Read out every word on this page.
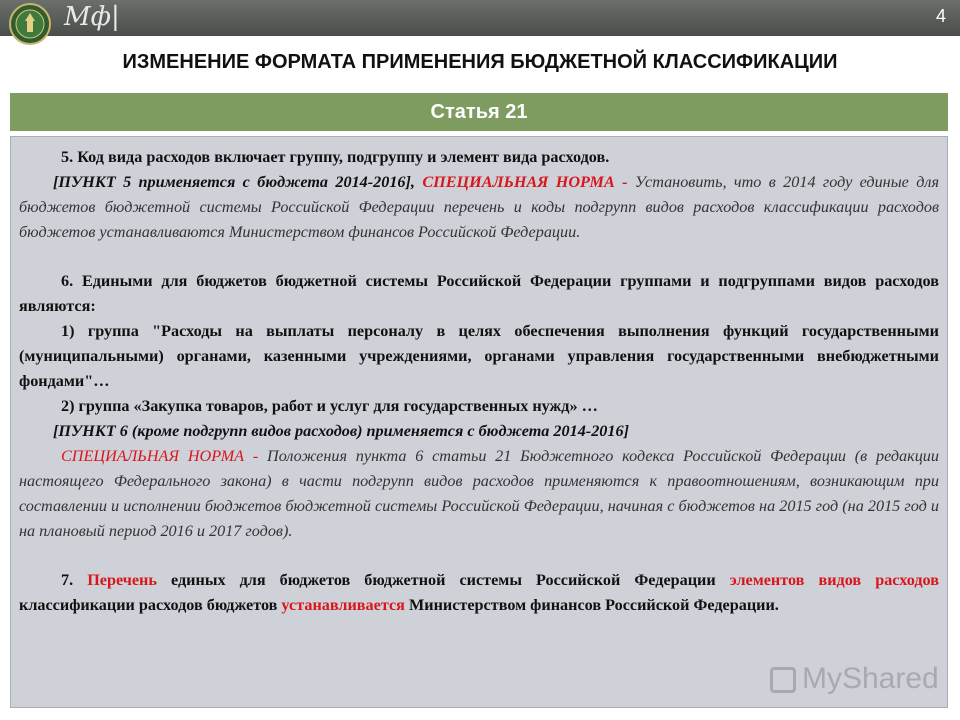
Мф|	4
ИЗМЕНЕНИЕ ФОРМАТА ПРИМЕНЕНИЯ БЮДЖЕТНОЙ КЛАССИФИКАЦИИ
Статья 21

5. Код вида расходов включает группу, подгруппу и элемент вида расходов.

[ПУНКТ 5 применяется с бюджета 2014-2016], СПЕЦИАЛЬНАЯ НОРМА - Установить, что в 2014 году единые для бюджетов бюджетной системы Российской Федерации перечень и коды подгрупп видов расходов классификации расходов бюджетов устанавливаются Министерством финансов Российской Федерации.

6. Едиными для бюджетов бюджетной системы Российской Федерации группами и подгруппами видов расходов являются:

1) группа "Расходы на выплаты персоналу в целях обеспечения выполнения функций государственными (муниципальными) органами, казенными учреждениями, органами управления государственными внебюджетными фондами"…

2) группа «Закупка товаров, работ и услуг для государственных нужд» …

[ПУНКТ 6 (кроме подгрупп видов расходов) применяется с бюджета 2014-2016]

СПЕЦИАЛЬНАЯ НОРМА - Положения пункта 6 статьи 21 Бюджетного кодекса Российской Федерации (в редакции настоящего Федерального закона) в части подгрупп видов расходов применяются к правоотношениям, возникающим при составлении и исполнении бюджетов бюджетной системы Российской Федерации, начиная с бюджетов на 2015 год (на 2015 год и на плановый период 2016 и 2017 годов).

7. Перечень единых для бюджетов бюджетной системы Российской Федерации элементов видов расходов классификации расходов бюджетов устанавливается Министерством финансов Российской Федерации.

MyShared
